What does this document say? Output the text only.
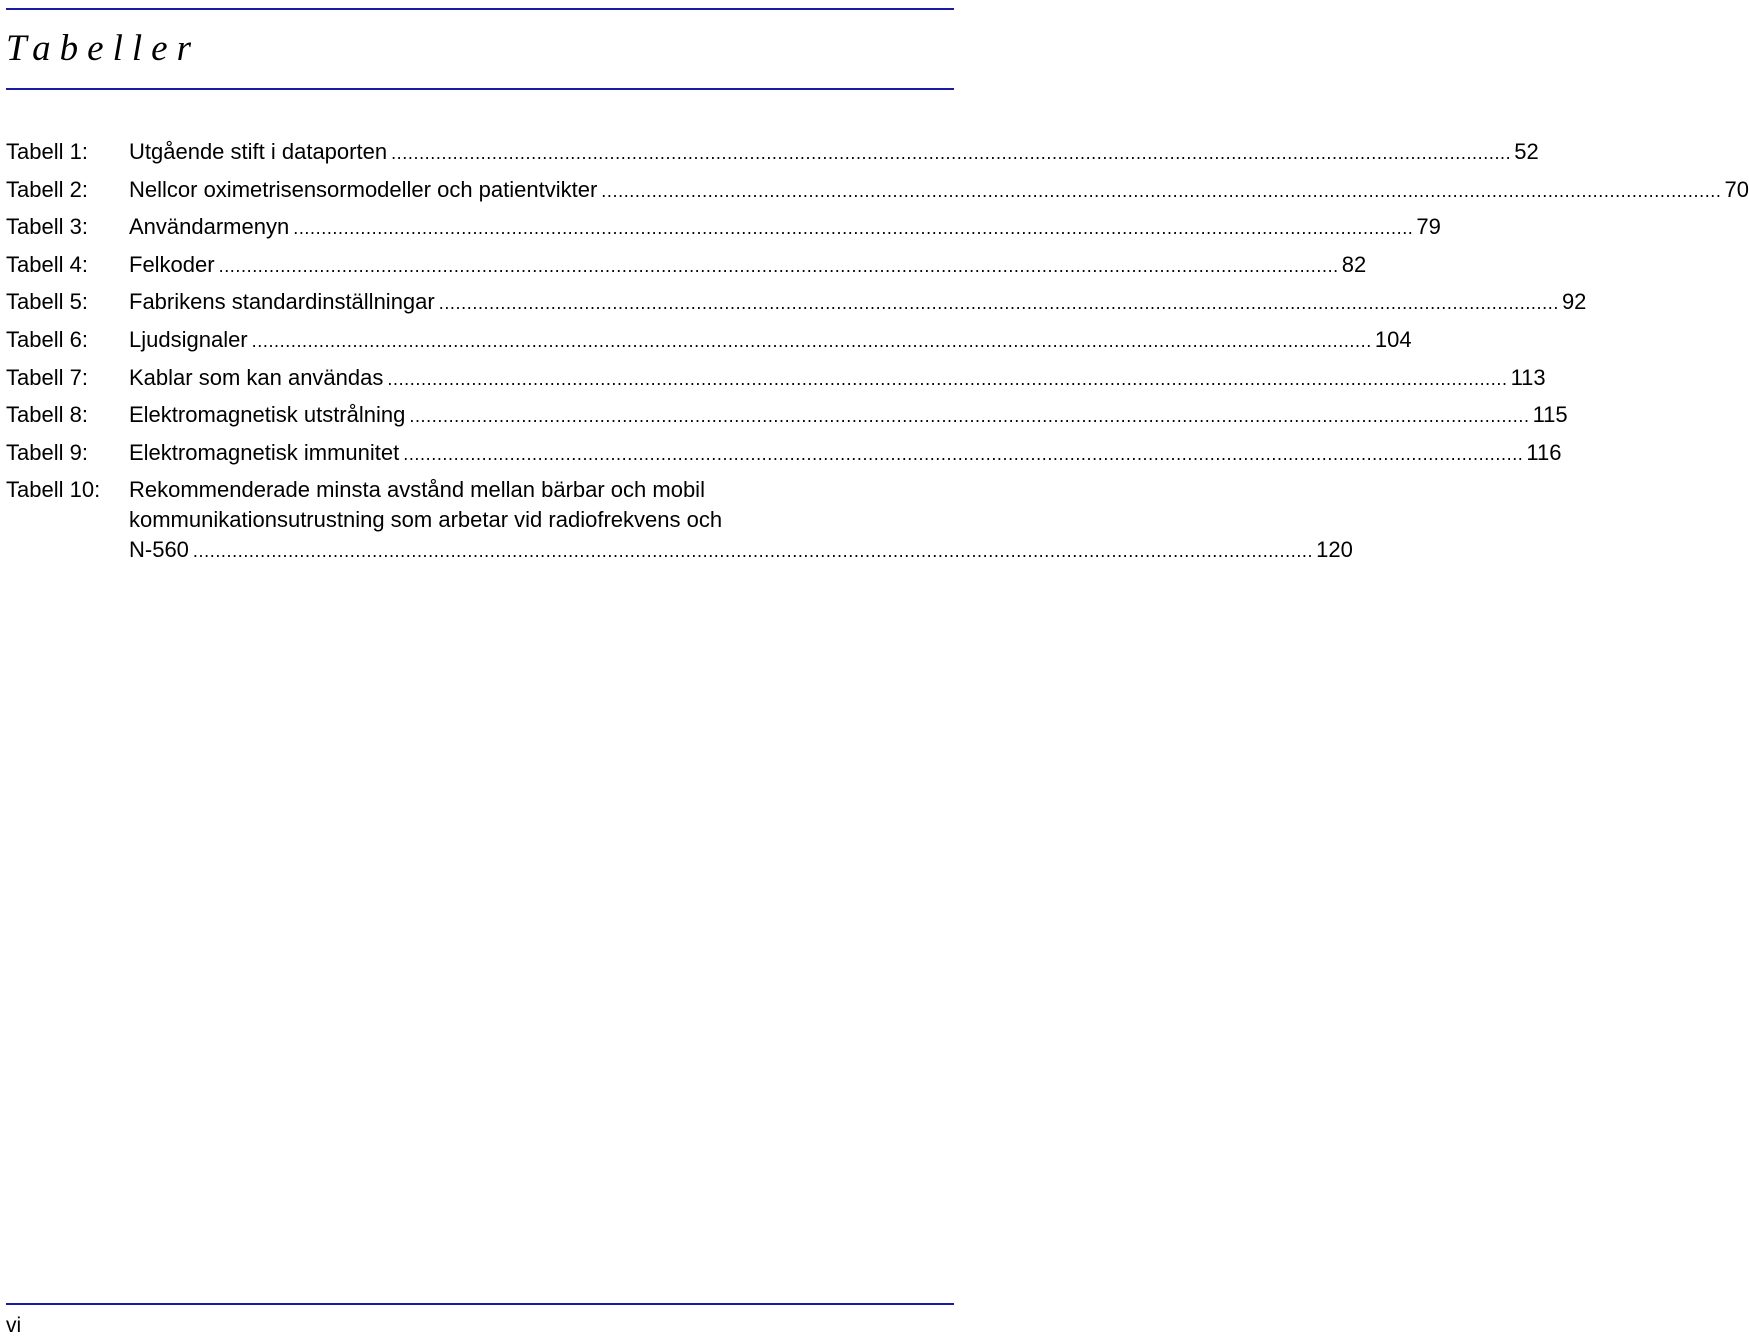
Tabeller
Tabell 1:	Utgående stift i dataporten ........................................................................................................................................................................................................ 52
Tabell 2:	Nellcor oximetrisensormodeller och patientvikter ........................................................................................................................................................................................................ 70
Tabell 3:	Användarmenyn ........................................................................................................................................................................................................ 79
Tabell 4:	Felkoder ........................................................................................................................................................................................................ 82
Tabell 5:	Fabrikens standardinställningar ........................................................................................................................................................................................................ 92
Tabell 6:	Ljudsignaler ........................................................................................................................................................................................................ 104
Tabell 7:	Kablar som kan användas ........................................................................................................................................................................................................ 113
Tabell 8:	Elektromagnetisk utstrålning ........................................................................................................................................................................................................ 115
Tabell 9:	Elektromagnetisk immunitet ........................................................................................................................................................................................................ 116
Tabell 10:	Rekommenderade minsta avstånd mellan bärbar och mobil
kommunikationsutrustning som arbetar vid radiofrekvens och
N-560 ........................................................................................................................................................................................................ 120
vi
